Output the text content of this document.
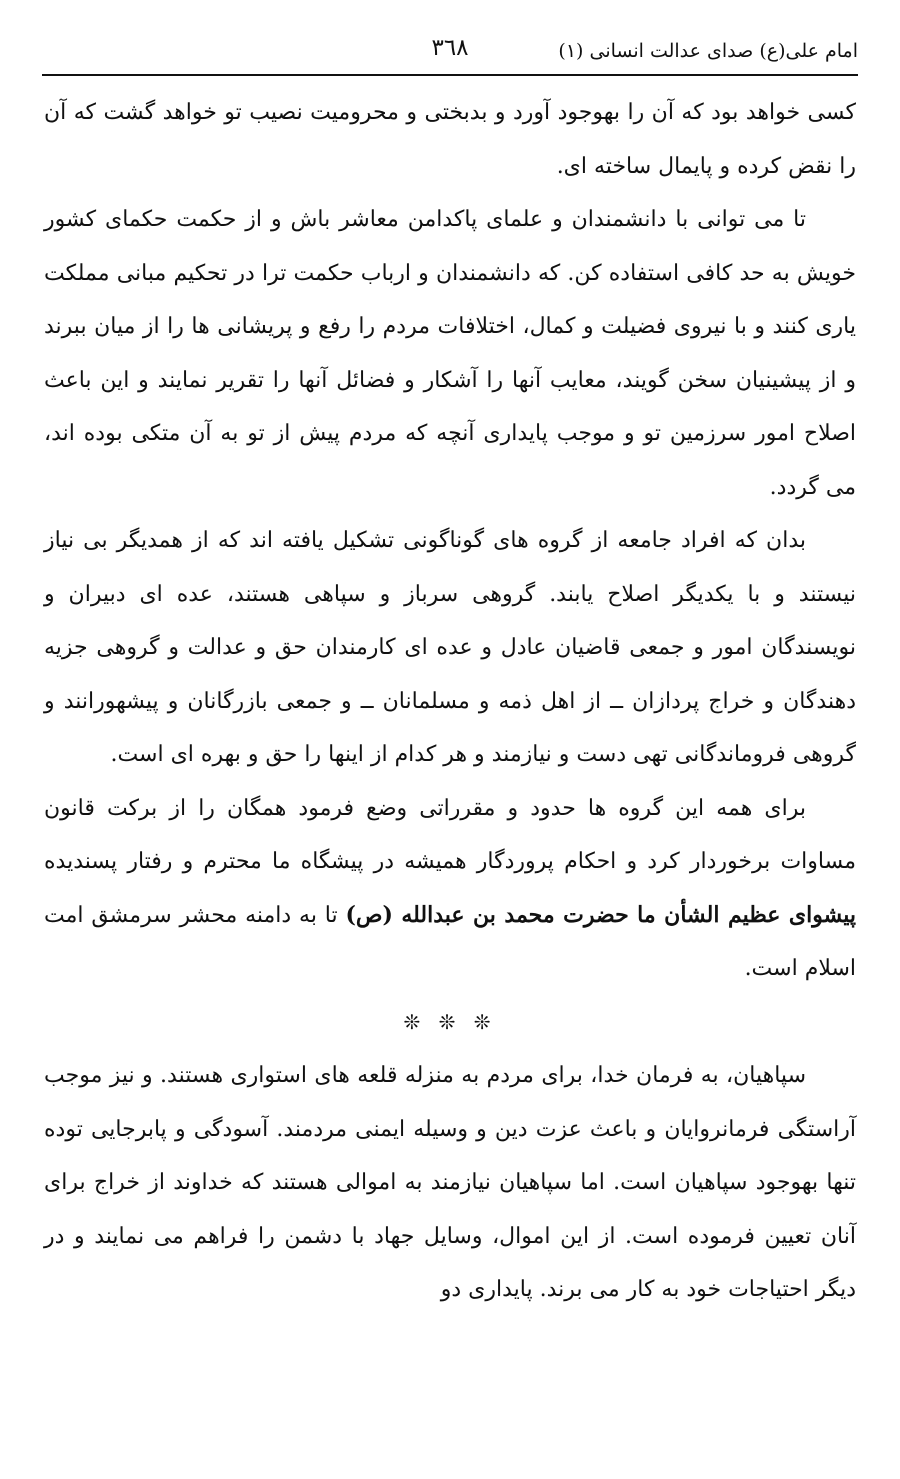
امام علی(ع) صدای عدالت انسانی (۱)
٣٦٨

کسی خواهد بود که آن را بهوجود آورد و بدبختی و محرومیت نصیب تو خواهد گشت که آن را نقض کرده و پایمال ساخته ای.

تا می توانی با دانشمندان و علمای پاکدامن معاشر باش و از حکمت حکمای کشور خویش به حد کافی استفاده کن. که دانشمندان و ارباب حکمت ترا در تحکیم مبانی مملکت یاری کنند و با نیروی فضیلت و کمال، اختلافات مردم را رفع و پریشانی ها را از میان ببرند و از پیشینیان سخن گویند، معایب آنها را آشکار و فضائل آنها را تقریر نمایند و این باعث اصلاح امور سرزمین تو و موجب پایداری آنچه که مردم پیش از تو به آن متکی بوده اند، می گردد.

بدان که افراد جامعه از گروه های گوناگونی تشکیل یافته اند که از همدیگر بی نیاز نیستند و با یکدیگر اصلاح یابند. گروهی سرباز و سپاهی هستند، عده ای دبیران و نویسندگان امور و جمعی قاضیان عادل و عده ای کارمندان حق و عدالت و گروهی جزیه دهندگان و خراج پردازان ــ از اهل ذمه و مسلمانان ــ و جمعی بازرگانان و پیشهورانند و گروهی فروماندگانی تهی دست و نیازمند و هر کدام از اینها را حق و بهره ای است.

برای همه این گروه ها حدود و مقرراتی وضع فرمود همگان را از برکت قانون مساوات برخوردار کرد و احکام پروردگار همیشه در پیشگاه ما محترم و رفتار پسندیده پیشوای عظیم الشأن ما حضرت محمد بن عبدالله (ص) تا به دامنه محشر سرمشق امت اسلام است.

❊ ❊ ❊

سپاهیان، به فرمان خدا، برای مردم به منزله قلعه های استواری هستند. و نیز موجب آراستگی فرمانروایان و باعث عزت دین و وسیله ایمنی مردمند. آسودگی و پابرجایی توده تنها بهوجود سپاهیان است. اما سپاهیان نیازمند به اموالی هستند که خداوند از خراج برای آنان تعیین فرموده است. از این اموال، وسایل جهاد با دشمن را فراهم می نمایند و در دیگر احتیاجات خود به کار می برند. پایداری دو
